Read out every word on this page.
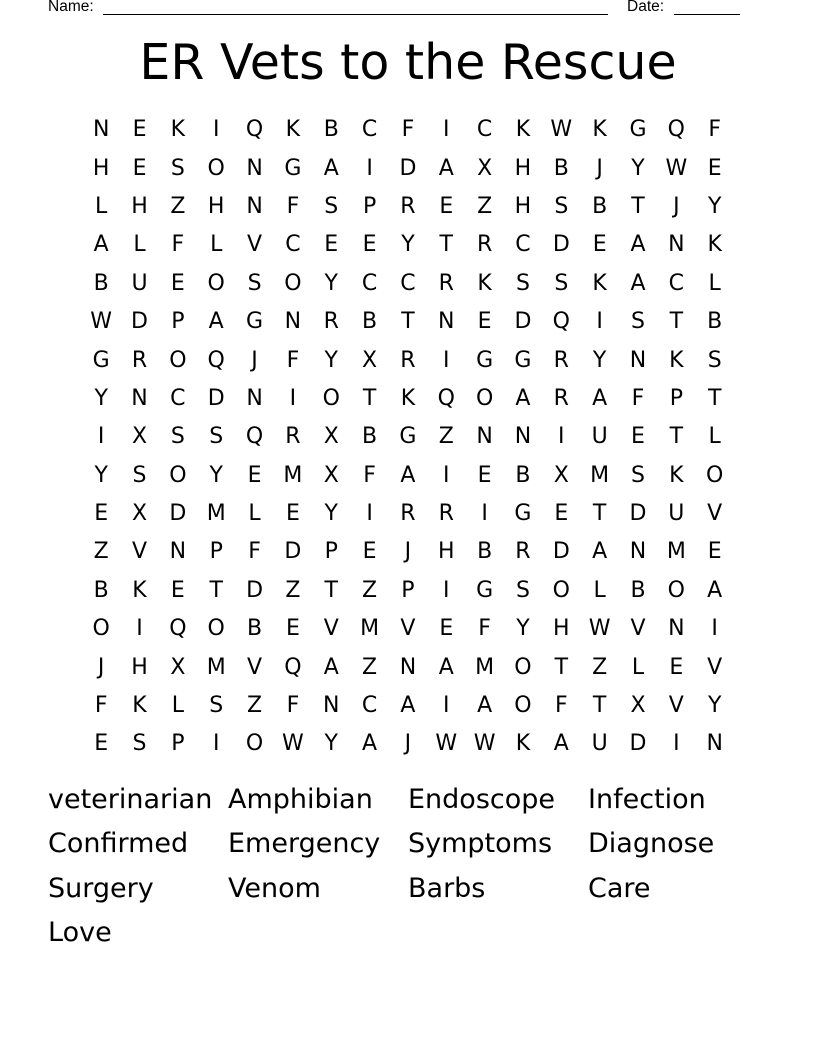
Name:	Date:
ER Vets to the Rescue
N	E	K	I	Q	K	B	C	F	I	C	K W K	G Q	F
H	E	S	O N G	A	I	D	A	X	H	B	J	Y W E
L	H	Z	H N	F	S	P	R	E	Z	H	S	B	T	J	Y
A	L	F	L	V	C	E	E	Y	T	R	C	D	E	A	N	K
B	U	E	O	S	O	Y	C	C	R	K	S	S	K	A	C	L
W D	P	A	G N	R	B	T	N	E	D Q	I	S	T	B
G	R	O Q	J	F	Y	X	R	I	G G	R	Y	N	K	S
Y	N	C	D N	I	O	T	K	Q O	A	R	A	F	P	T
I	X	S	S	Q	R	X	B	G	Z	N N	I	U	E	T	L
Y	S	O	Y	E M X	F	A	I	E	B	X M S	K	O
E	X	D M	L	E	Y	I	R	R	I	G	E	T	D U	V
Z	V	N	P	F	D	P	E	J	H	B	R	D	A	N M E
B	K	E	T	D	Z	T	Z	P	I	G	S	O	L	B	O	A
O	I	Q O	B	E	V M V	E	F	Y	H W V	N	I
J	H	X M V	Q	A	Z	N	A M O	T	Z	L	E	V
F	K	L	S	Z	F	N	C	A	I	A	O	F	T	X	V	Y
E	S	P	I	O W Y	A	J	W W K	A	U D	I	N
veterinarian Amphibian	Endoscope	Infection
Confirmed	Emergency	Symptoms	Diagnose
Surgery	Venom	Barbs	Care
Love
